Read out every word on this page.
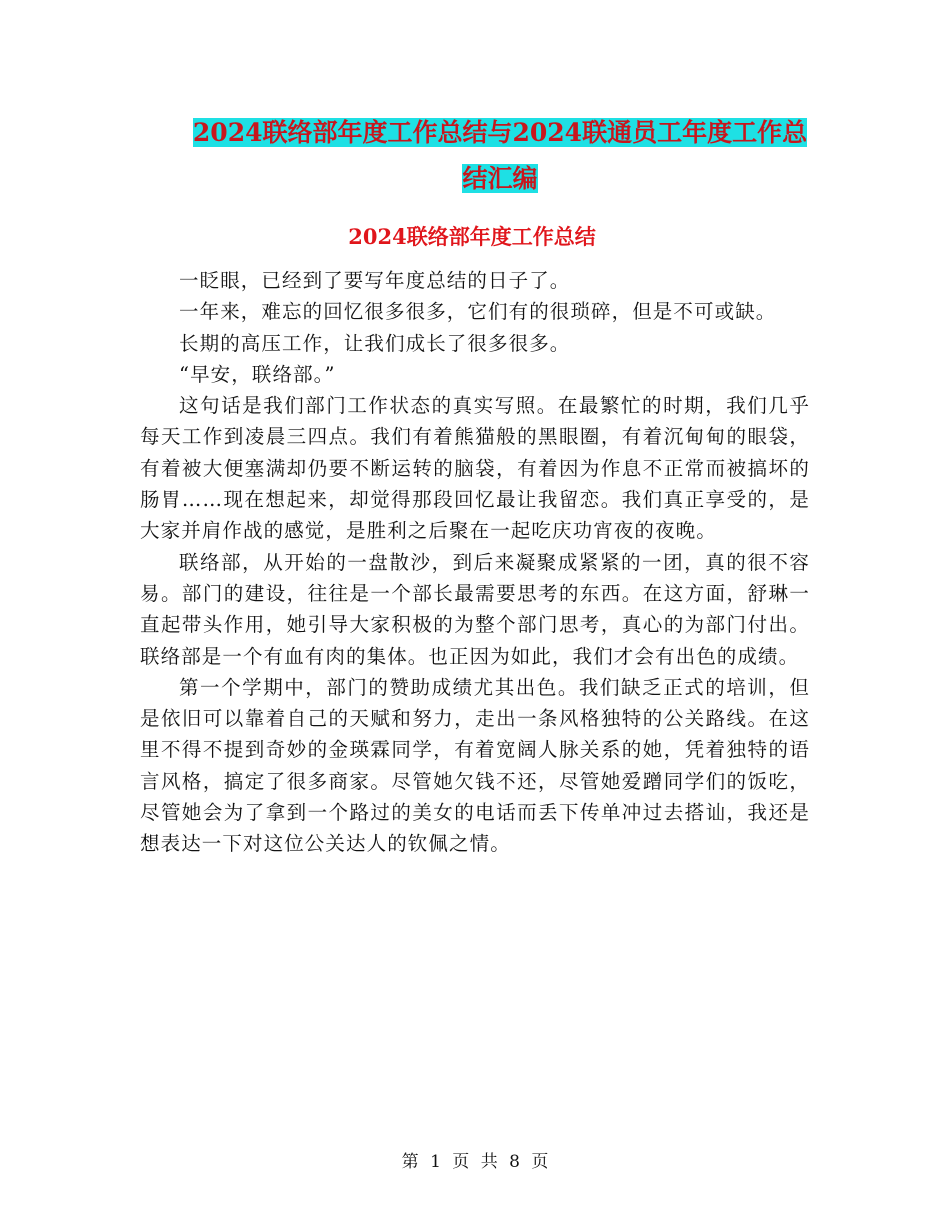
2024联络部年度工作总结与2024联通员工年度工作总
结汇编
2024联络部年度工作总结

一眨眼，已经到了要写年度总结的日子了。

一年来，难忘的回忆很多很多，它们有的很琐碎，但是不可或缺。

长期的高压工作，让我们成长了很多很多。

“早安，联络部。”

这句话是我们部门工作状态的真实写照。在最繁忙的时期，我们几乎每天工作到凌晨三四点。我们有着熊猫般的黑眼圈，有着沉甸甸的眼袋，有着被大便塞满却仍要不断运转的脑袋，有着因为作息不正常而被搞坏的肠胃……现在想起来，却觉得那段回忆最让我留恋。我们真正享受的，是大家并肩作战的感觉，是胜利之后聚在一起吃庆功宵夜的夜晚。

联络部，从开始的一盘散沙，到后来凝聚成紧紧的一团，真的很不容易。部门的建设，往往是一个部长最需要思考的东西。在这方面，舒琳一直起带头作用，她引导大家积极的为整个部门思考，真心的为部门付出。联络部是一个有血有肉的集体。也正因为如此，我们才会有出色的成绩。

第一个学期中，部门的赞助成绩尤其出色。我们缺乏正式的培训，但是依旧可以靠着自己的天赋和努力，走出一条风格独特的公关路线。在这里不得不提到奇妙的金瑛霖同学，有着宽阔人脉关系的她，凭着独特的语言风格，搞定了很多商家。尽管她欠钱不还，尽管她爱蹭同学们的饭吃，尽管她会为了拿到一个路过的美女的电话而丢下传单冲过去搭讪，我还是想表达一下对这位公关达人的钦佩之情。

第 1 页 共 8 页
